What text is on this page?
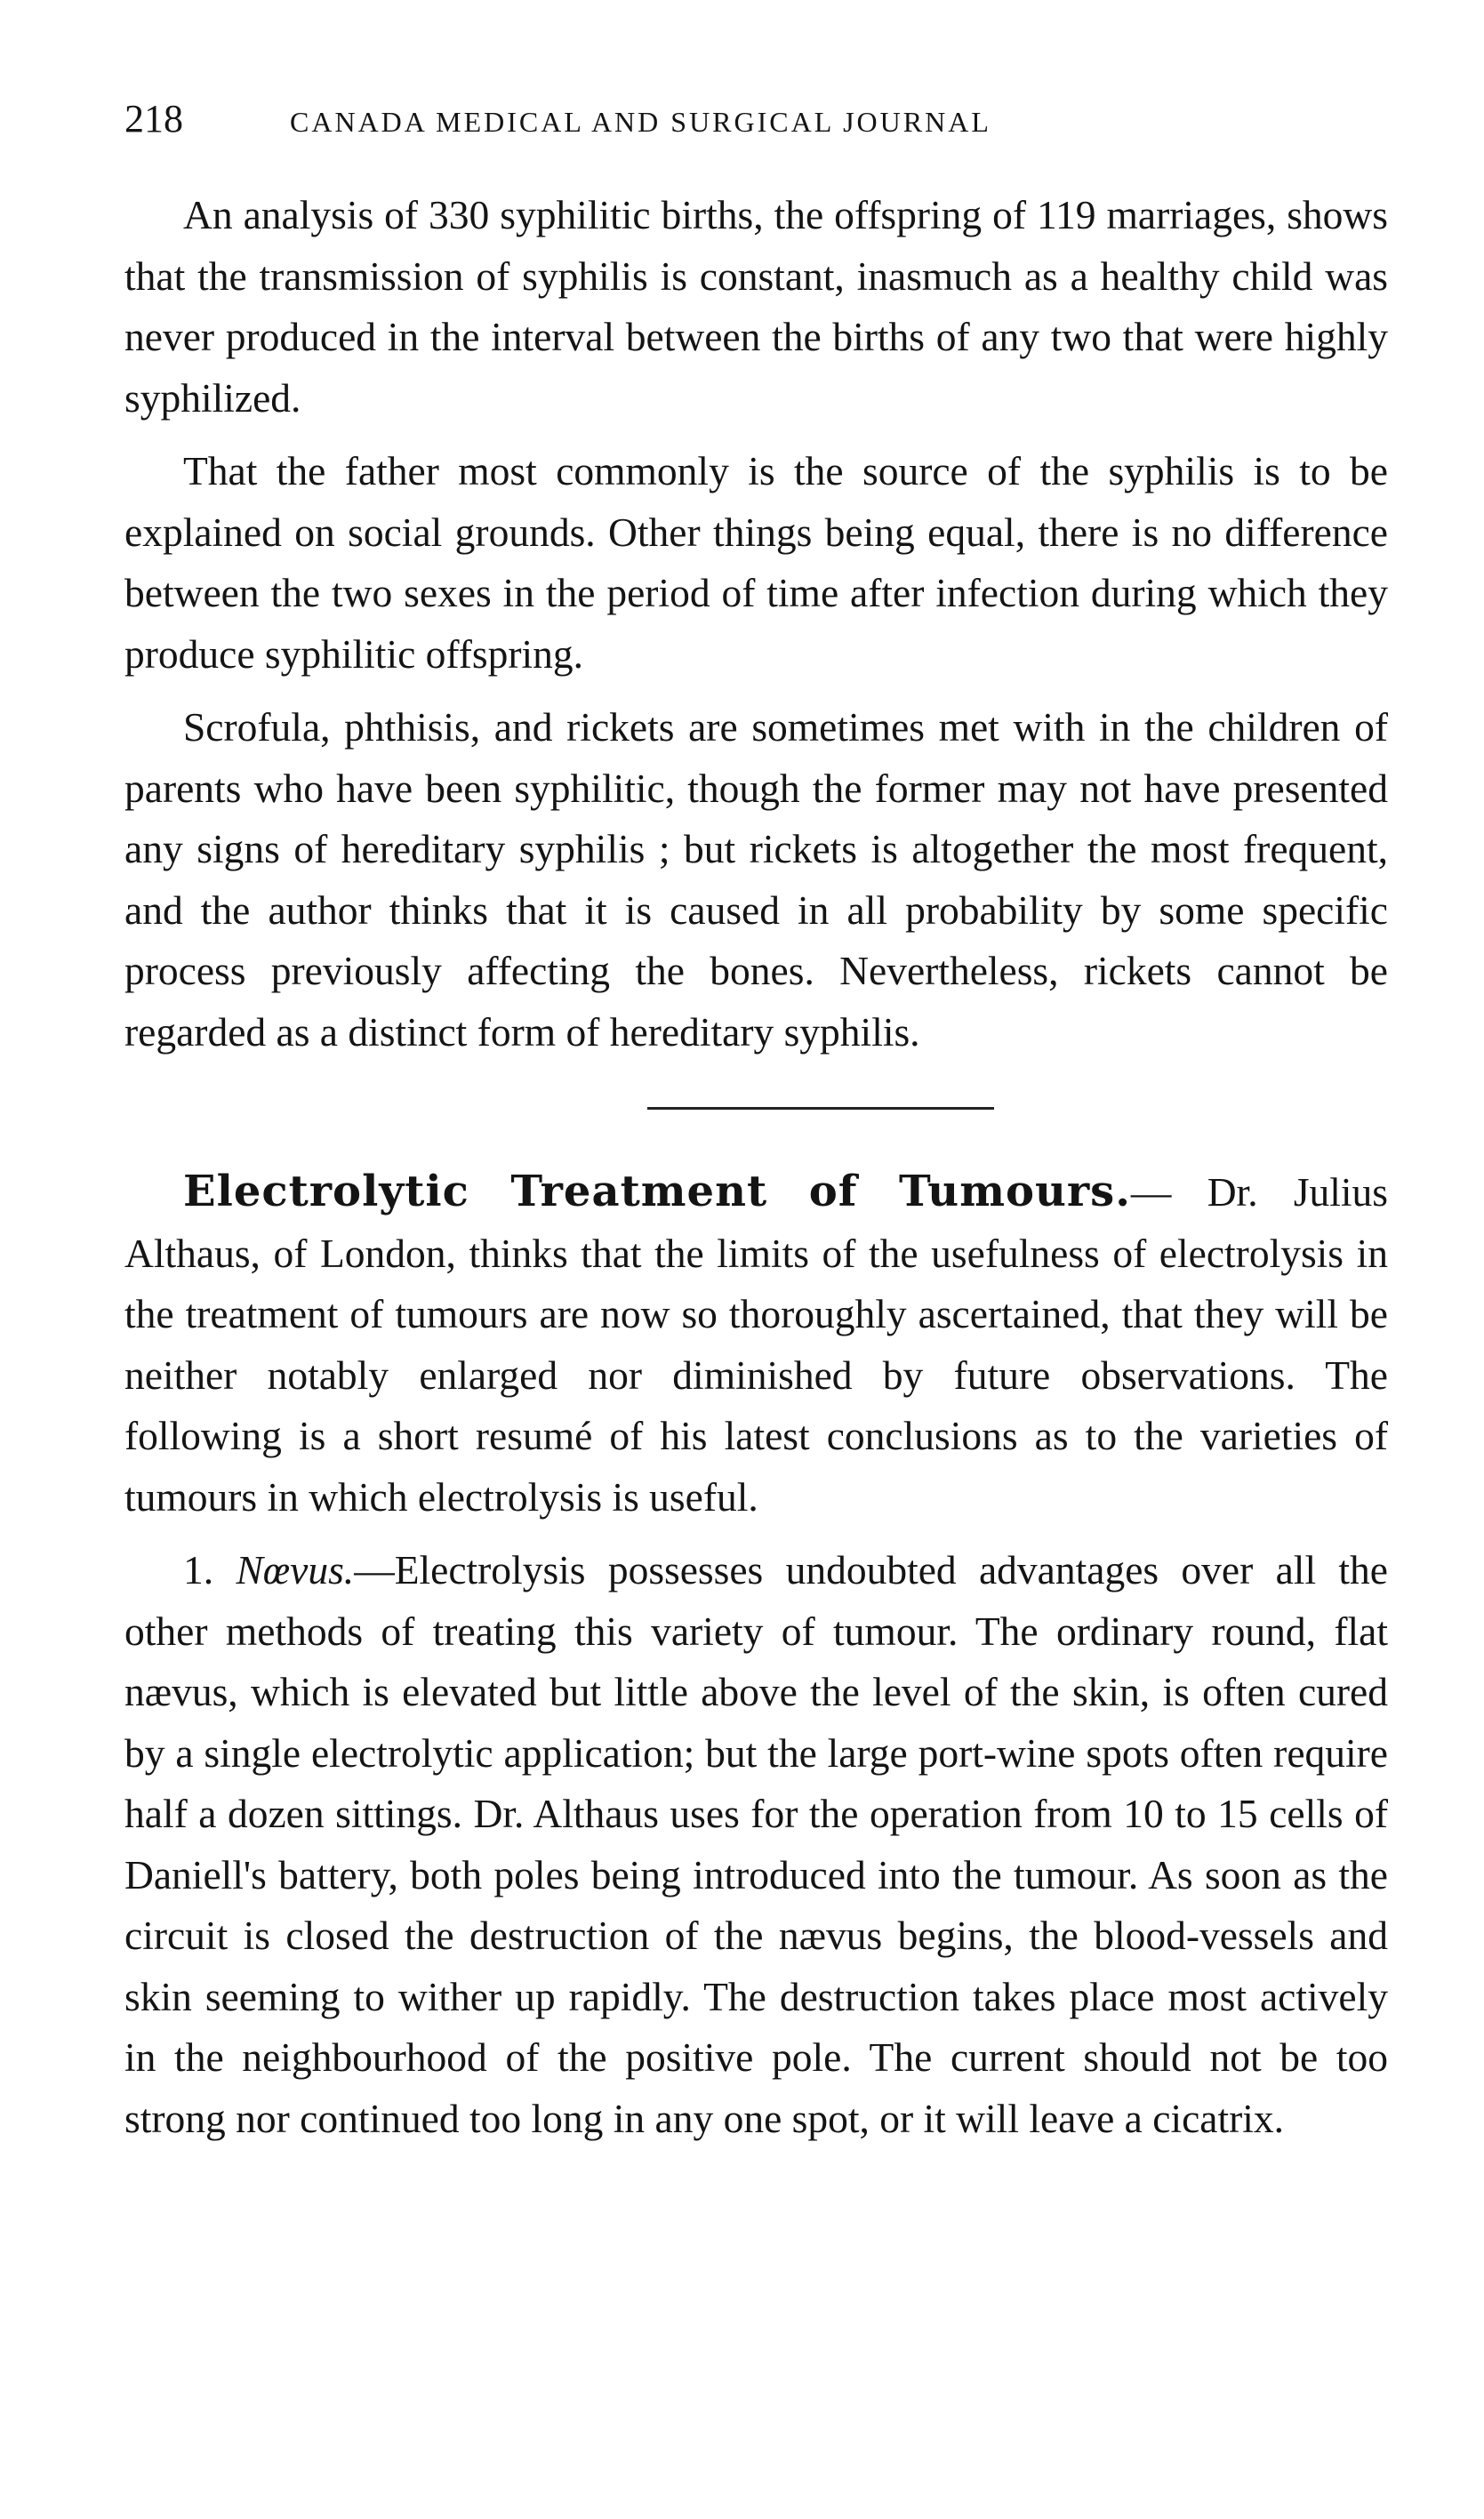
218	CANADA MEDICAL AND SURGICAL JOURNAL

An analysis of 330 syphilitic births, the offspring of 119 marriages, shows that the transmission of syphilis is constant, inasmuch as a healthy child was never produced in the interval between the births of any two that were highly syphilized.

That the father most commonly is the source of the syphilis is to be explained on social grounds. Other things being equal, there is no difference between the two sexes in the period of time after infection during which they produce syphilitic offspring.

Scrofula, phthisis, and rickets are sometimes met with in the children of parents who have been syphilitic, though the former may not have presented any signs of hereditary syphilis ; but rickets is altogether the most frequent, and the author thinks that it is caused in all probability by some specific process previously affecting the bones. Nevertheless, rickets cannot be regarded as a distinct form of hereditary syphilis.

Electrolytic Treatment of Tumours.— Dr. Julius Althaus, of London, thinks that the limits of the usefulness of electrolysis in the treatment of tumours are now so thoroughly ascertained, that they will be neither notably enlarged nor diminished by future observations. The following is a short resumé of his latest conclusions as to the varieties of tumours in which electrolysis is useful.

1. Nœvus.—Electrolysis possesses undoubted advantages over all the other methods of treating this variety of tumour. The ordinary round, flat nævus, which is elevated but little above the level of the skin, is often cured by a single electrolytic application; but the large port-wine spots often require half a dozen sittings. Dr. Althaus uses for the operation from 10 to 15 cells of Daniell's battery, both poles being introduced into the tumour. As soon as the circuit is closed the destruction of the nævus begins, the blood-vessels and skin seeming to wither up rapidly. The destruction takes place most actively in the neighbourhood of the positive pole. The current should not be too strong nor continued too long in any one spot, or it will leave a cicatrix.
